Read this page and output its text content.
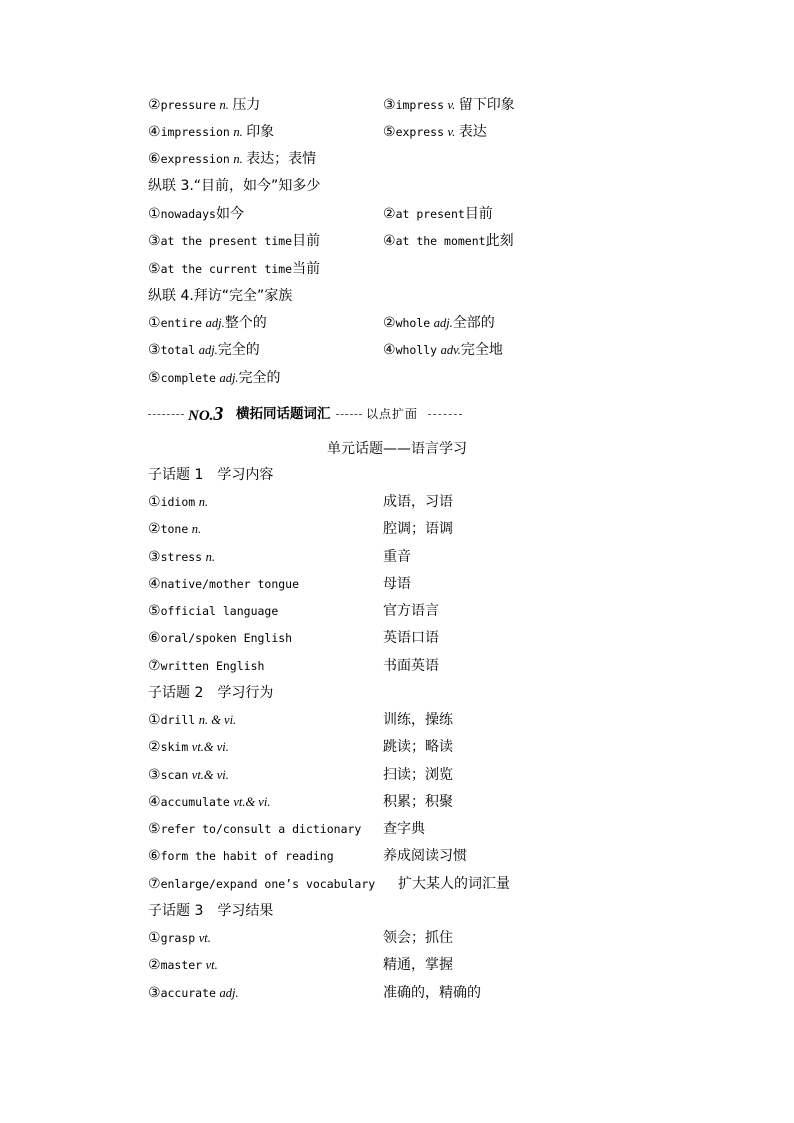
②pressure n. 压力	③impress v. 留下印象
④impression n. 印象	⑤express v. 表达
⑥expression n. 表达；表情
纵联 3.“目前，如今”知多少
①nowadays如今	②at present目前
③at the present time目前	④at the moment此刻
⑤at the current time当前
纵联 4.拜访“完全”家族
①entire adj.整个的	②whole adj.全部的
③total adj.完全的	④wholly adv.完全地
⑤complete adj.完全的
NO.3 横拓同话题词汇	以点扩面
单元话题——语言学习
子话题 1　学习内容
①idiom n.	成语，习语
②tone n.	腔调；语调
③stress n.	重音
④native/mother tongue	母语
⑤official language	官方语言
⑥oral/spoken English	英语口语
⑦written English	书面英语
子话题 2　学习行为
①drill n. & vi.	训练，操练
②skim vt.& vi.	跳读；略读
③scan vt.& vi.	扫读；浏览
④accumulate vt.& vi.	积累；积聚
⑤refer to/consult a dictionary 查字典
⑥form the habit of reading	养成阅读习惯
⑦enlarge/expand one’s vocabulary 扩大某人的词汇量
子话题 3　学习结果
①grasp vt.	领会；抓住
②master vt.	精通，掌握
③accurate adj.	准确的，精确的
